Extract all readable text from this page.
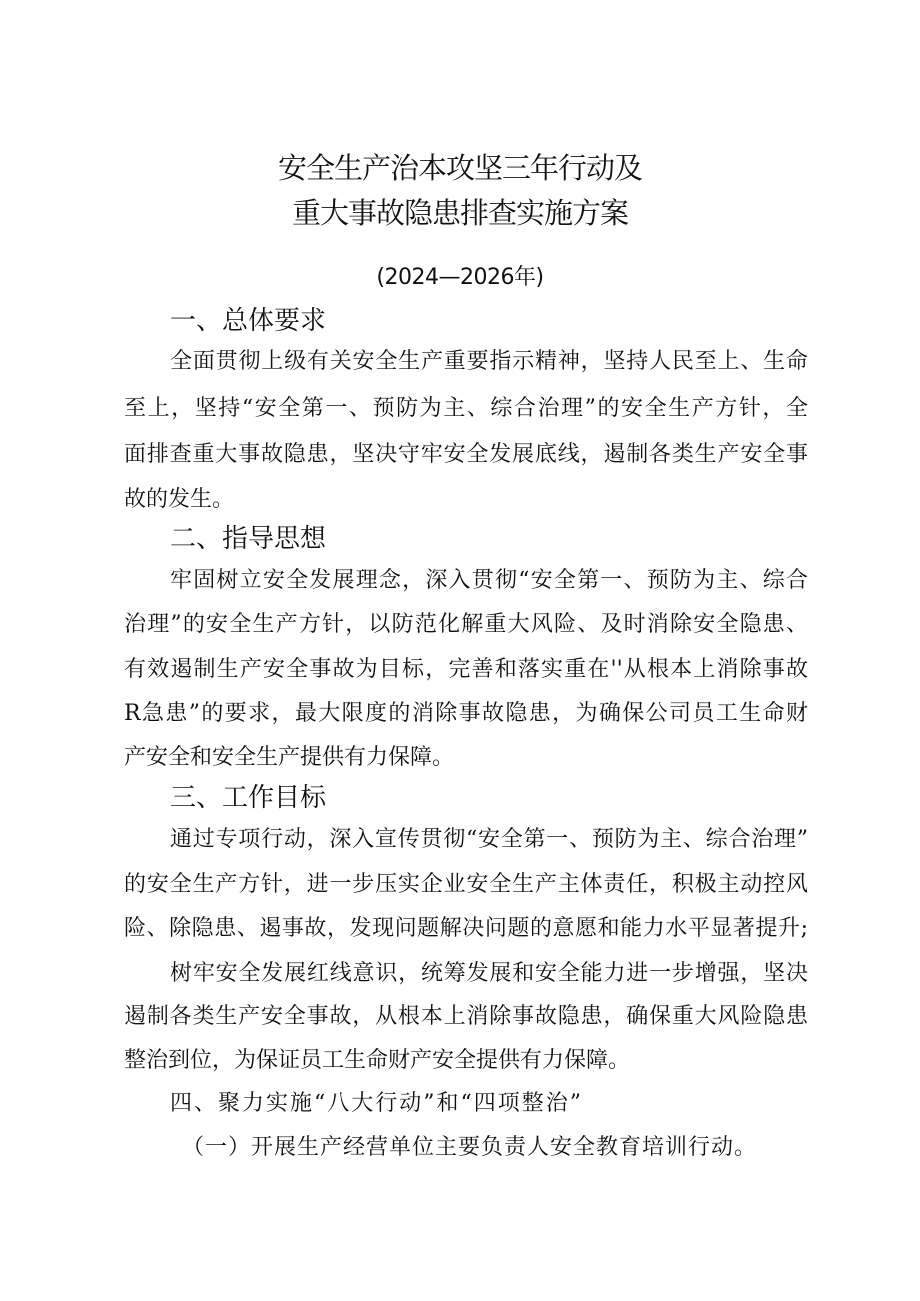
安全生产治本攻坚三年行动及
重大事故隐患排查实施方案
(2024—2026年)
一、总体要求
全面贯彻上级有关安全生产重要指示精神，坚持人民至上、生命
至上，坚持“安全第一、预防为主、综合治理”的安全生产方针，全
面排查重大事故隐患，坚决守牢安全发展底线，遏制各类生产安全事
故的发生。
二、指导思想
牢固树立安全发展理念，深入贯彻“安全第一、预防为主、综合
治理”的安全生产方针，以防范化解重大风险、及时消除安全隐患、
有效遏制生产安全事故为目标，完善和落实重在''从根本上消除事故
R急患”的要求，最大限度的消除事故隐患，为确保公司员工生命财
产安全和安全生产提供有力保障。
三、工作目标
通过专项行动，深入宣传贯彻“安全第一、预防为主、综合治理”
的安全生产方针，进一步压实企业安全生产主体责任，积极主动控风
险、除隐患、遏事故，发现问题解决问题的意愿和能力水平显著提升;
树牢安全发展红线意识，统筹发展和安全能力进一步增强，坚决
遏制各类生产安全事故，从根本上消除事故隐患，确保重大风险隐患
整治到位，为保证员工生命财产安全提供有力保障。
四、聚力实施“八大行动”和“四项整治”
（一）开展生产经营单位主要负责人安全教育培训行动。
